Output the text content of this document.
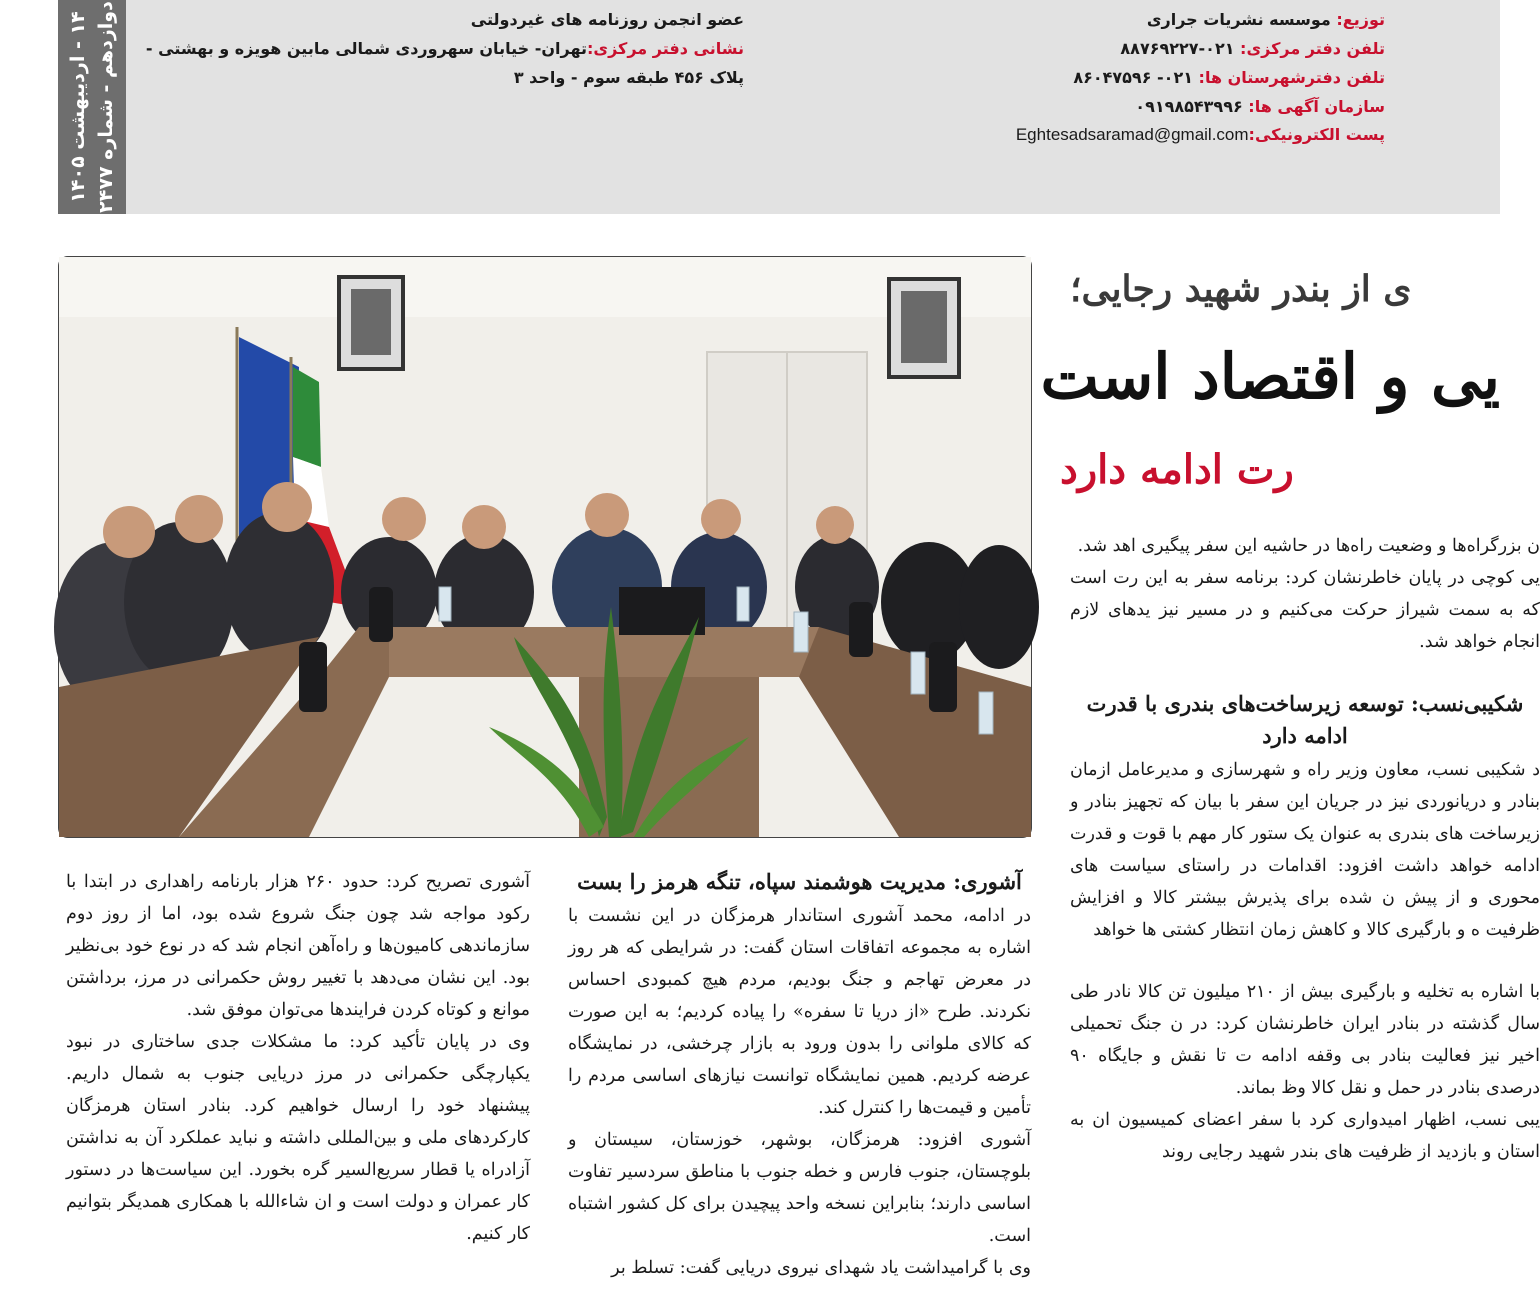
۱۴ - اردیبهشت ۱۴۰۵
دوازدهم - شماره ۲۴۷۷	عضو انجمن روزنامه های غیردولتی
نشانی دفتر مرکزی:تهران- خیابان سهروردی شمالی مابین هویزه و بهشتی -
پلاک ۴۵۶ طبقه سوم - واحد ۳
توزیع: موسسه نشریات جراری
تلفن دفتر مرکزی: ۰۲۱-۸۸۷۶۹۲۲۷
تلفن دفترشهرستان ها: ۰۲۱- ۸۶۰۴۷۵۹۶
سازمان آگهی ها: ۰۹۱۹۸۵۴۳۹۹۶
پست الکترونیکی:Eghtesadsaramad@gmail.com
ی از بندر شهید رجایی؛
یی و اقتصاد است
رت ادامه دارد

ن بزرگراه‌ها و وضعیت راه‌ها در حاشیه این سفر پیگیری اهد شد.

یی کوچی در پایان خاطرنشان کرد: برنامه سفر به این رت است که به سمت شیراز حرکت می‌کنیم و در مسیر نیز یدهای لازم انجام خواهد شد.

شکیبی‌نسب: توسعه زیرساخت‌های بندری با قدرت ادامه دارد

د شکیبی نسب، معاون وزیر راه و شهرسازی و مدیرعامل ازمان بنادر و دریانوردی نیز در جریان این سفر با بیان که تجهیز بنادر و زیرساخت های بندری به عنوان یک ستور کار مهم با قوت و قدرت ادامه خواهد داشت افزود: اقدامات در راستای سیاست های محوری و از پیش ن شده برای پذیرش بیشتر کالا و افزایش ظرفیت ه و بارگیری کالا و کاهش زمان انتظار کشتی ها خواهد

با اشاره به تخلیه و بارگیری بیش از ۲۱۰ میلیون تن کالا نادر طی سال گذشته در بنادر ایران خاطرنشان کرد: در ن جنگ تحمیلی اخیر نیز فعالیت بنادر بی وقفه ادامه ت تا نقش و جایگاه ۹۰ درصدی بنادر در حمل و نقل کالا وظ بماند.

یبی نسب، اظهار امیدواری کرد با سفر اعضای کمیسیون ان به استان و بازدید از ظرفیت های بندر شهید رجایی روند

آشوری: مدیریت هوشمند سپاه، تنگه هرمز را بست

در ادامه، محمد آشوری استاندار هرمزگان در این نشست با اشاره به مجموعه اتفاقات استان گفت: در شرایطی که هر روز در معرض تهاجم و جنگ بودیم، مردم هیچ کمبودی احساس نکردند. طرح «از دریا تا سفره» را پیاده کردیم؛ به این صورت که کالای ملوانی را بدون ورود به بازار چرخشی، در نمایشگاه عرضه کردیم. همین نمایشگاه توانست نیازهای اساسی مردم را تأمین و قیمت‌ها را کنترل کند.

آشوری افزود: هرمزگان، بوشهر، خوزستان، سیستان و بلوچستان، جنوب فارس و خطه جنوب با مناطق سردسیر تفاوت اساسی دارند؛ بنابراین نسخه واحد پیچیدن برای کل کشور اشتباه است.

وی با گرامیداشت یاد شهدای نیروی دریایی گفت: تسلط بر

آشوری تصریح کرد: حدود ۲۶۰ هزار بارنامه راهداری در ابتدا با رکود مواجه شد چون جنگ شروع شده بود، اما از روز دوم سازماندهی کامیون‌ها و راه‌آهن انجام شد که در نوع خود بی‌نظیر بود. این نشان می‌دهد با تغییر روش حکمرانی در مرز، برداشتن موانع و کوتاه کردن فرایندها می‌توان موفق شد.

وی در پایان تأکید کرد: ما مشکلات جدی ساختاری در نبود یکپارچگی حکمرانی در مرز دریایی جنوب به شمال داریم. پیشنهاد خود را ارسال خواهیم کرد. بنادر استان هرمزگان کارکردهای ملی و بین‌المللی داشته و نباید عملکرد آن به نداشتن آزادراه یا قطار سریع‌السیر گره بخورد. این سیاست‌ها در دستور کار عمران و دولت است و ان شاءالله با همکاری همدیگر بتوانیم کار کنیم.
